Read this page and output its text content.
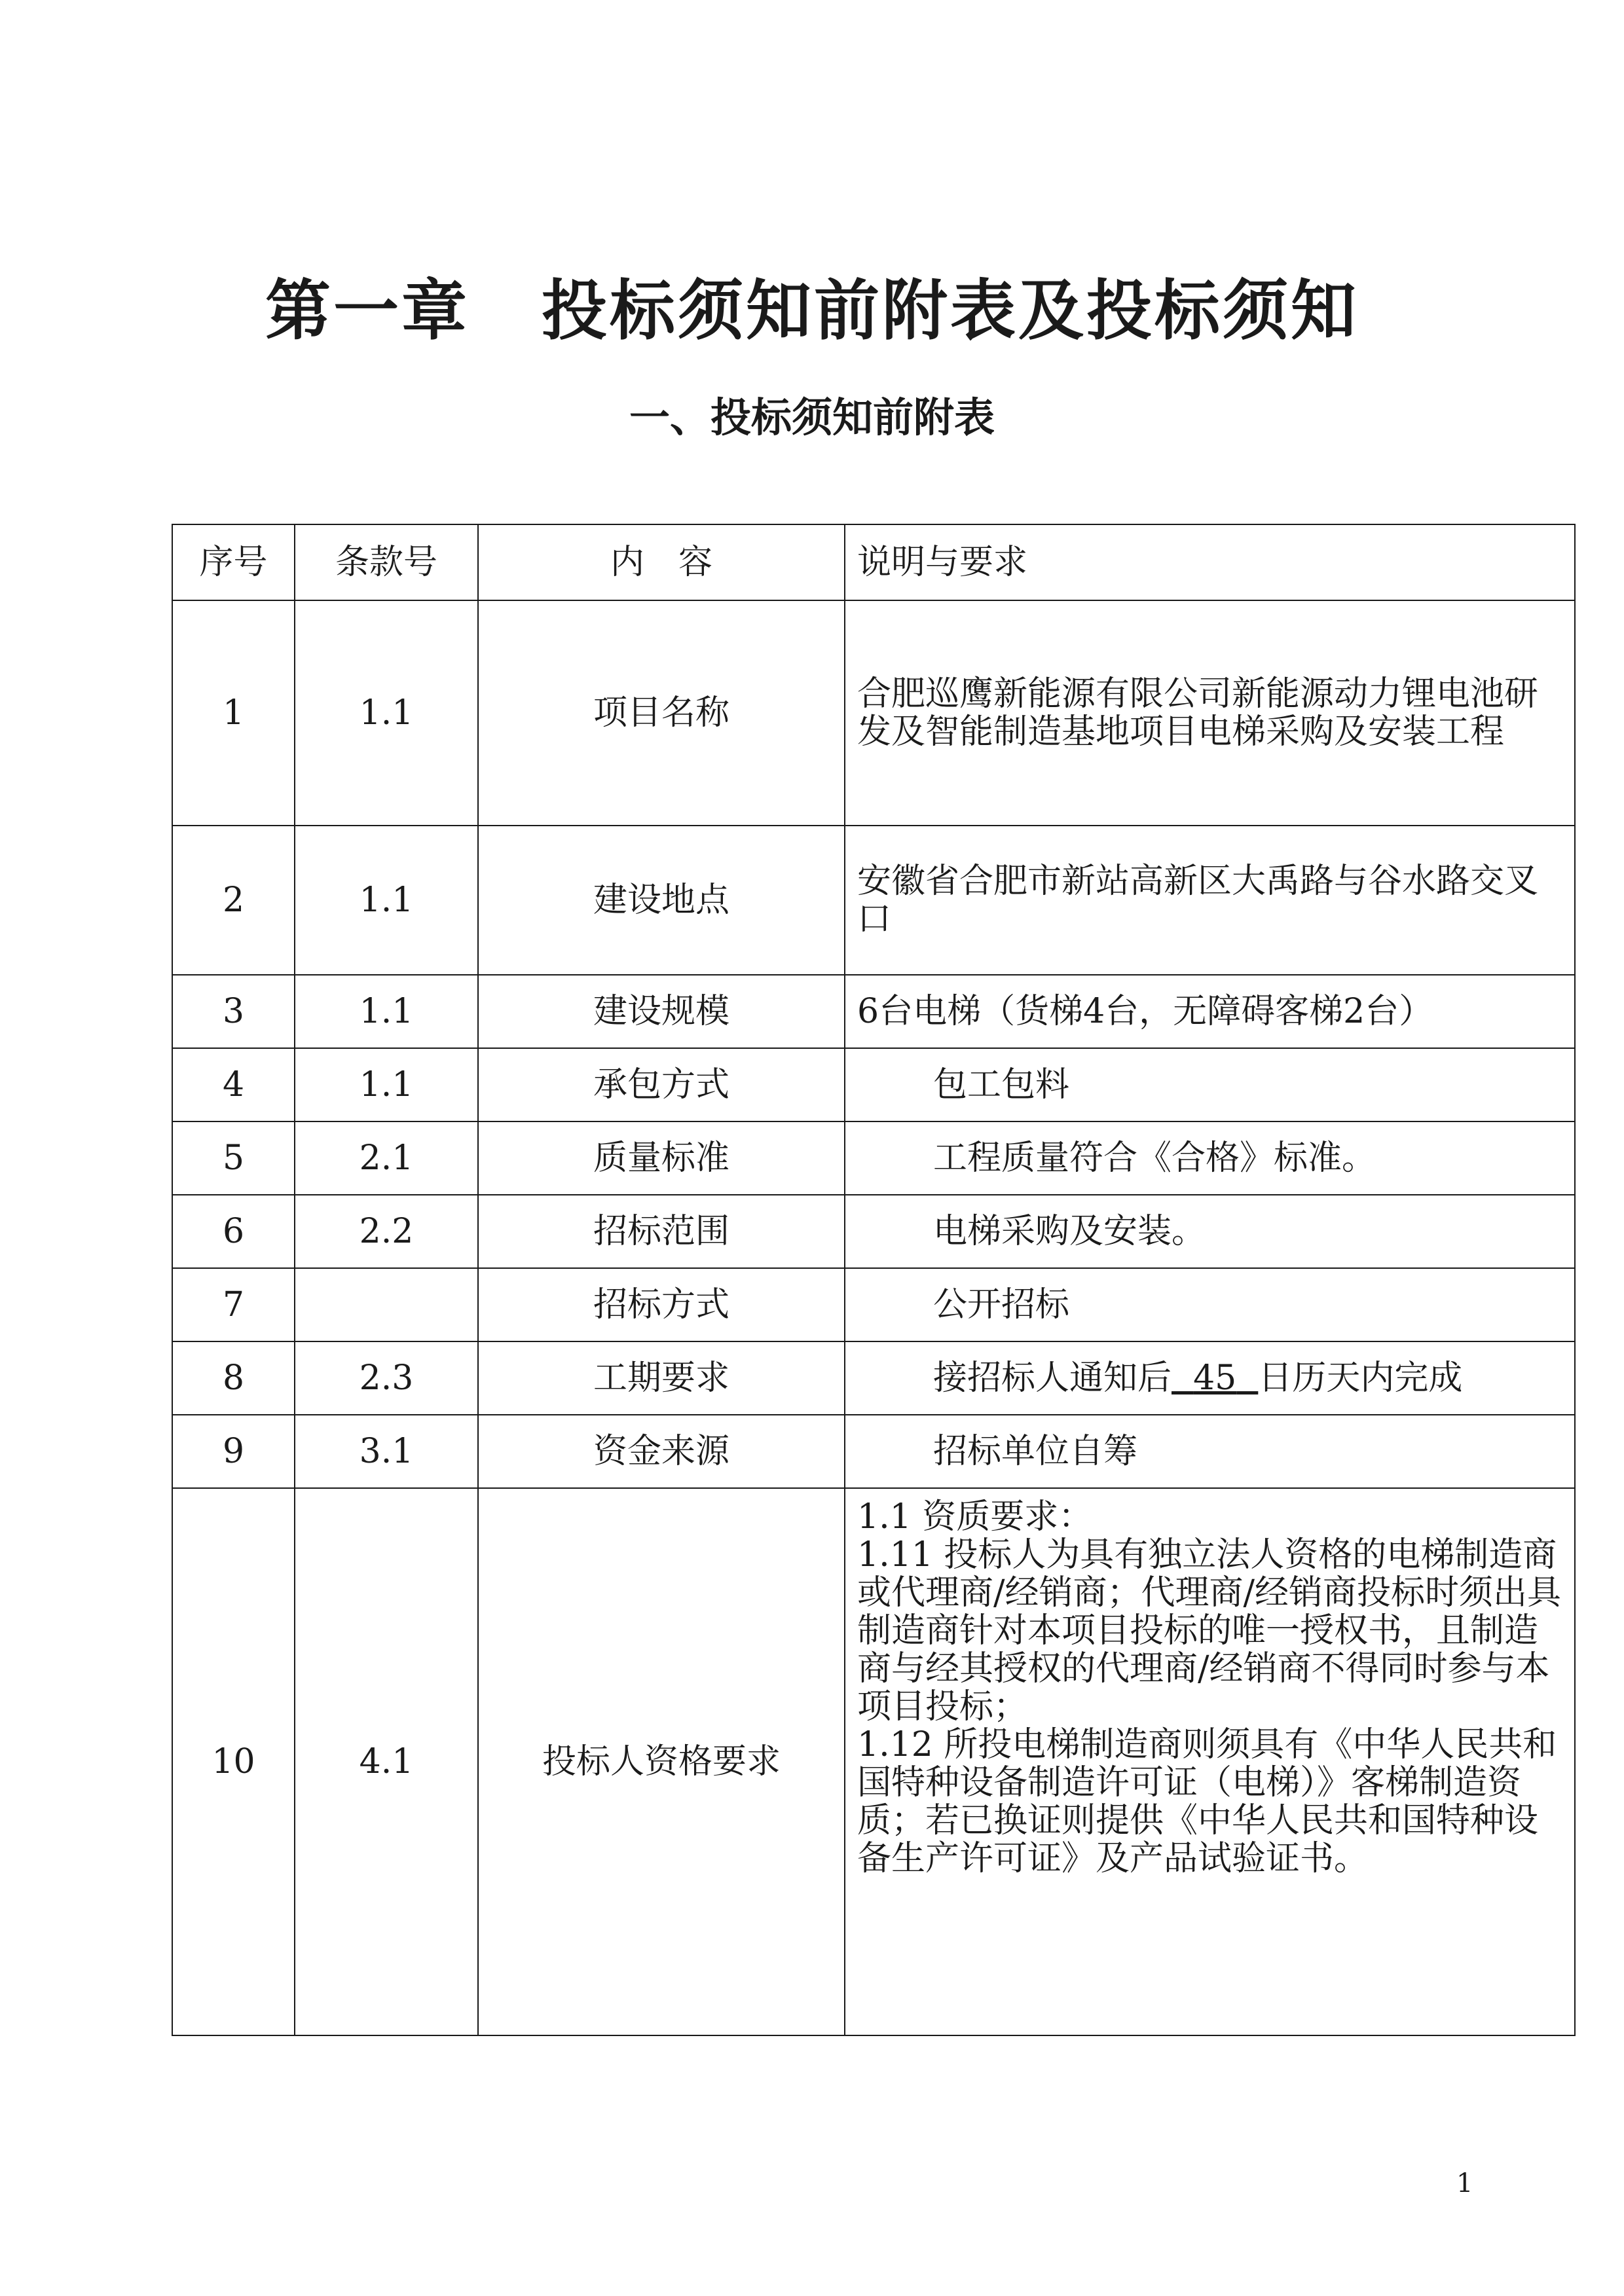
第一章 投标须知前附表及投标须知
一、投标须知前附表
序号	条款号	内　容	说明与要求
1	1.1	项目名称	合肥巡鹰新能源有限公司新能源动力锂电池研发及智能制造基地项目电梯采购及安装工程
2	1.1	建设地点	安徽省合肥市新站高新区大禹路与谷水路交叉口
3	1.1	建设规模	6台电梯（货梯4台，无障碍客梯2台）
4	1.1	承包方式	包工包料
5	2.1	质量标准	工程质量符合《合格》标准。
6	2.2	招标范围	电梯采购及安装。
7		招标方式	公开招标
8	2.3	工期要求	接招标人通知后 45 日历天内完成
9	3.1	资金来源	招标单位自筹
10	4.1	投标人资格要求	1.1 资质要求：
1.11 投标人为具有独立法人资格的电梯制造商或代理商/经销商；代理商/经销商投标时须出具制造商针对本项目投标的唯一授权书，且制造商与经其授权的代理商/经销商不得同时参与本项目投标；
1.12 所投电梯制造商则须具有《中华人民共和国特种设备制造许可证（电梯）》客梯制造资质；若已换证则提供《中华人民共和国特种设备生产许可证》及产品试验证书。
1
